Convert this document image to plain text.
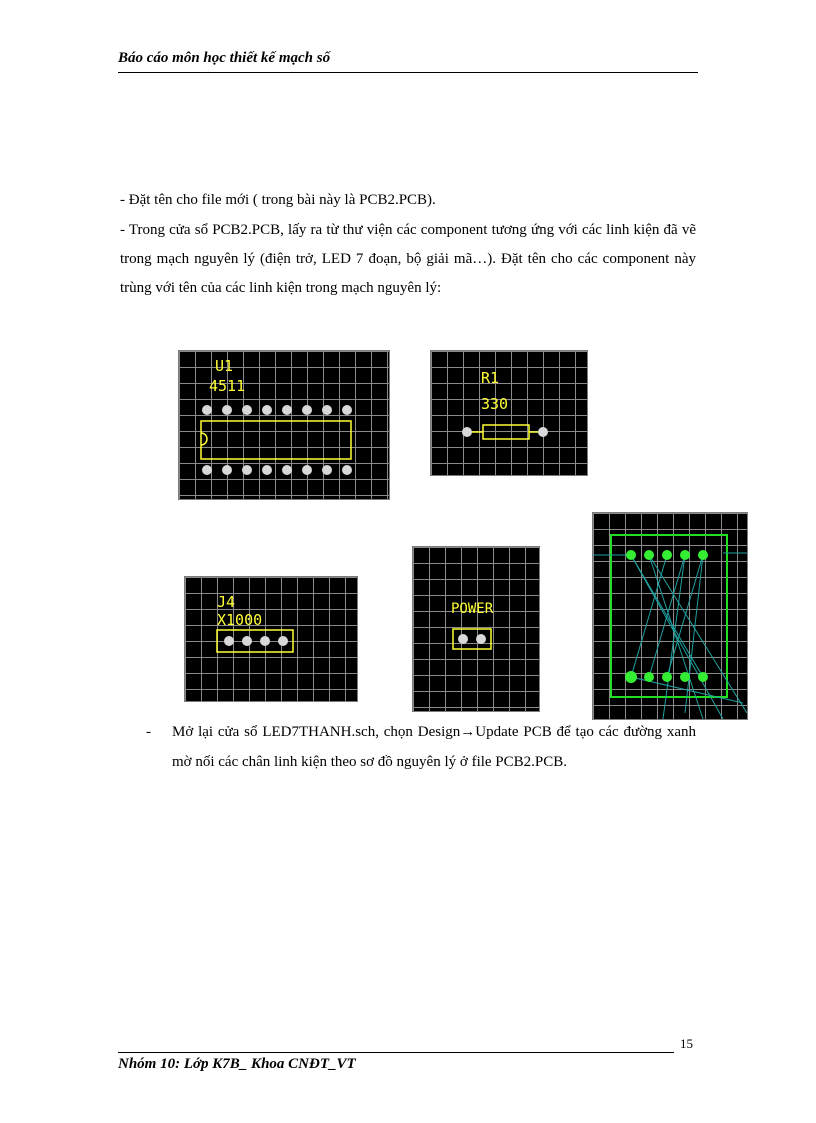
Báo cáo môn học thiết kế mạch số
- Đặt tên cho file mới ( trong bài này là PCB2.PCB).
- Trong cửa sổ PCB2.PCB, lấy ra từ thư viện các component tương ứng với các linh kiện đã vẽ trong mạch nguyên lý (điện trở, LED 7 đoạn, bộ giải mã…). Đặt tên cho các component này trùng với tên của các linh kiện trong mạch nguyên lý:
U1
4511	R1
330
J4
X1000
POWER
- Mở lại cửa sổ LED7THANH.sch, chọn Design→Update PCB để tạo các đường xanh mờ nối các chân linh kiện theo sơ đồ nguyên lý ở file PCB2.PCB.
15
Nhóm 10: Lớp K7B_ Khoa CNĐT_VT
